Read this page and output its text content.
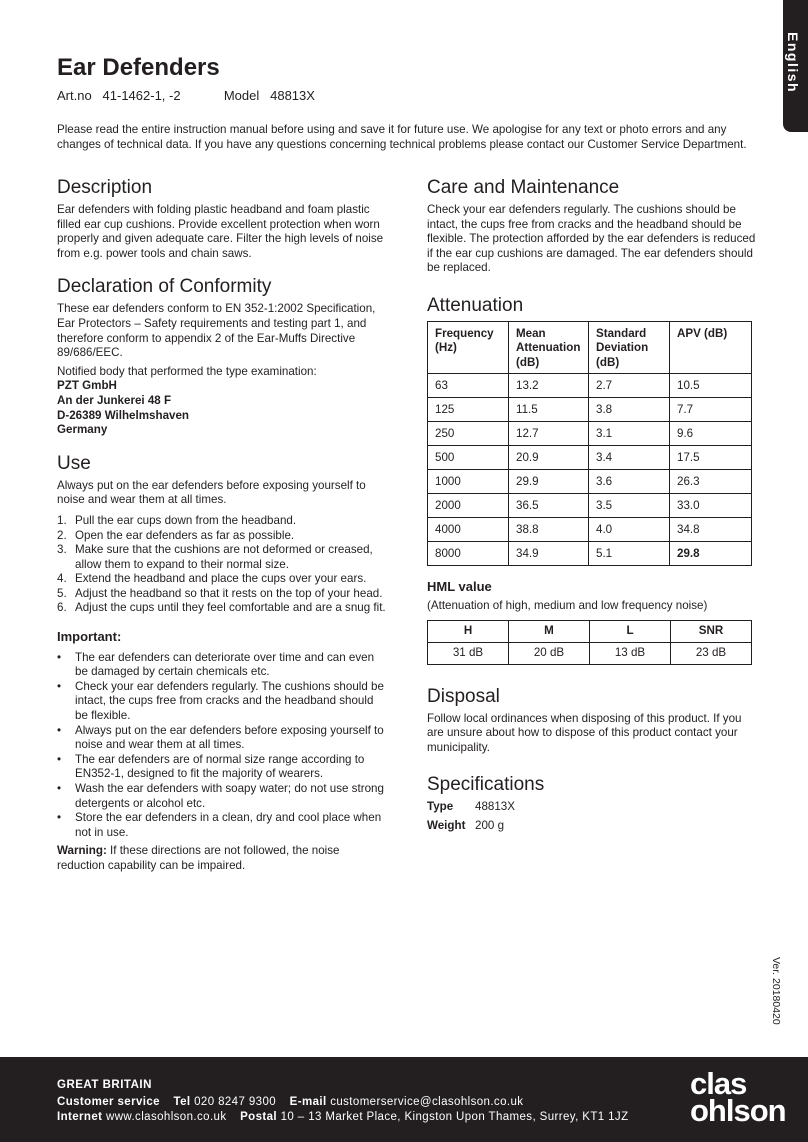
English
Ear Defenders
Art.no 41-1462-1, -2	Model 48813X
Please read the entire instruction manual before using and save it for future use. We apologise for any text or photo errors and any changes of technical data. If you have any questions concerning technical problems please contact our Customer Service Department.
Description

Ear defenders with folding plastic headband and foam plastic filled ear cup cushions. Provide excellent protection when worn properly and given adequate care. Filter the high levels of noise from e.g. power tools and chain saws.

Declaration of Conformity

These ear defenders conform to EN 352-1:2002 Specification, Ear Protectors – Safety requirements and testing part 1, and therefore conform to appendix 2 of the Ear-Muffs Directive 89/686/EEC.

Notified body that performed the type examination:

PZT GmbH

An der Junkerei 48 F

D-26389 Wilhelmshaven

Germany

Use

Always put on the ear defenders before exposing yourself to noise and wear them at all times.

1. Pull the ear cups down from the headband.
2. Open the ear defenders as far as possible.
3. Make sure that the cushions are not deformed or creased, allow them to expand to their normal size.
4. Extend the headband and place the cups over your ears.
5. Adjust the headband so that it rests on the top of your head.
6. Adjust the cups until they feel comfortable and are a snug fit.
Important:
•	The ear defenders can deteriorate over time and can even be damaged by certain chemicals etc.
•	Check your ear defenders regularly. The cushions should be intact, the cups free from cracks and the headband should be flexible.
•	Always put on the ear defenders before exposing yourself to noise and wear them at all times.
•	The ear defenders are of normal size range according to EN352-1, designed to fit the majority of wearers.
•	Wash the ear defenders with soapy water; do not use strong detergents or alcohol etc.
•	Store the ear defenders in a clean, dry and cool place when not in use.

Warning: If these directions are not followed, the noise reduction capability can be impaired.

Care and Maintenance

Check your ear defenders regularly. The cushions should be intact, the cups free from cracks and the headband should be flexible. The protection afforded by the ear defenders is reduced if the ear cup cushions are damaged. The ear defenders should be replaced.

Attenuation
Frequency (Hz)	Mean Attenuation (dB)	Standard Deviation (dB)	APV (dB)
63	13.2	2.7	10.5
125	11.5	3.8	7.7
250	12.7	3.1	9.6
500	20.9	3.4	17.5
1000	29.9	3.6	26.3
2000	36.5	3.5	33.0
4000	38.8	4.0	34.8
8000	34.9	5.1	29.8
HML value

(Attenuation of high, medium and low frequency noise)

H	M	L	SNR
31 dB	20 dB	13 dB	23 dB
Disposal

Follow local ordinances when disposing of this product. If you are unsure about how to dispose of this product contact your municipality.

Specifications
Type	48813X
Weight 200 g
Ver. 20180420
GREAT BRITAIN
Customer service Tel 020 8247 9300 E-mail customerservice@clasohlson.co.uk
Internet www.clasohlson.co.uk Postal 10 – 13 Market Place, Kingston Upon Thames, Surrey, KT1 1JZ
clas
ohlson
